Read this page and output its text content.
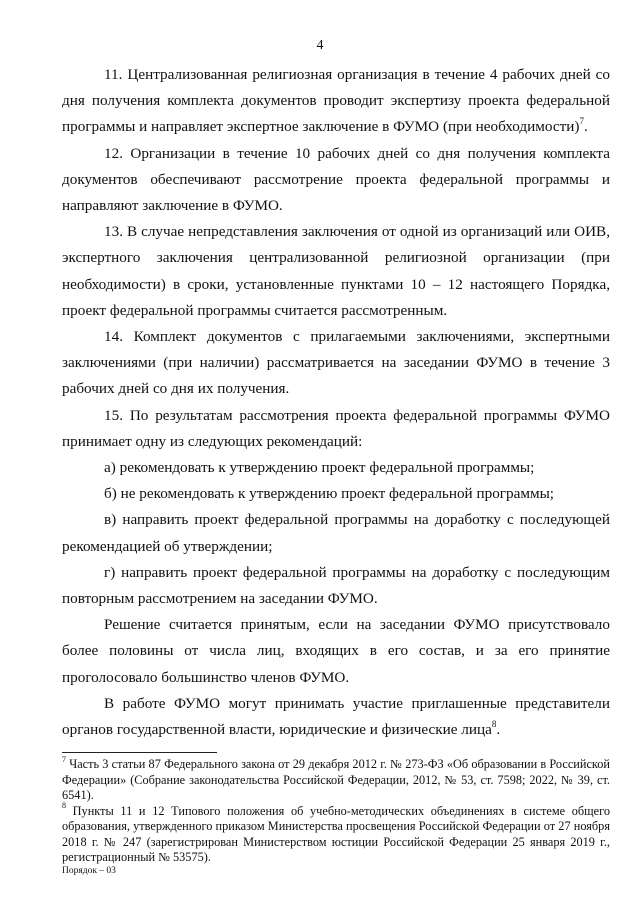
4

11. Централизованная религиозная организация в течение 4 рабочих дней со дня получения комплекта документов проводит экспертизу проекта федеральной программы и направляет экспертное заключение в ФУМО (при необходимости)$^7$.

12. Организации в течение 10 рабочих дней со дня получения комплекта документов обеспечивают рассмотрение проекта федеральной программы и направляют заключение в ФУМО.

13. В случае непредставления заключения от одной из организаций или ОИВ, экспертного заключения централизованной религиозной организации (при необходимости) в сроки, установленные пунктами 10 – 12 настоящего Порядка, проект федеральной программы считается рассмотренным.

14. Комплект документов с прилагаемыми заключениями, экспертными заключениями (при наличии) рассматривается на заседании ФУМО в течение 3 рабочих дней со дня их получения.

15. По результатам рассмотрения проекта федеральной программы ФУМО принимает одну из следующих рекомендаций:

а) рекомендовать к утверждению проект федеральной программы;

б) не рекомендовать к утверждению проект федеральной программы;

в) направить проект федеральной программы на доработку с последующей рекомендацией об утверждении;

г) направить проект федеральной программы на доработку с последующим повторным рассмотрением на заседании ФУМО.

Решение считается принятым, если на заседании ФУМО присутствовало более половины от числа лиц, входящих в его состав, и за его принятие проголосовало большинство членов ФУМО.

В работе ФУМО могут принимать участие приглашенные представители органов государственной власти, юридические и физические лица$^8$.

$^7$ Часть 3 статьи 87 Федерального закона от 29 декабря 2012 г. № 273-ФЗ «Об образовании в Российской Федерации» (Собрание законодательства Российской Федерации, 2012, № 53, ст. 7598; 2022, № 39, ст. 6541).

$^8$ Пункты 11 и 12 Типового положения об учебно-методических объединениях в системе общего образования, утвержденного приказом Министерства просвещения Российской Федерации от 27 ноября 2018 г. № 247 (зарегистрирован Министерством юстиции Российской Федерации 25 января 2019 г., регистрационный № 53575).

Порядок – 03
